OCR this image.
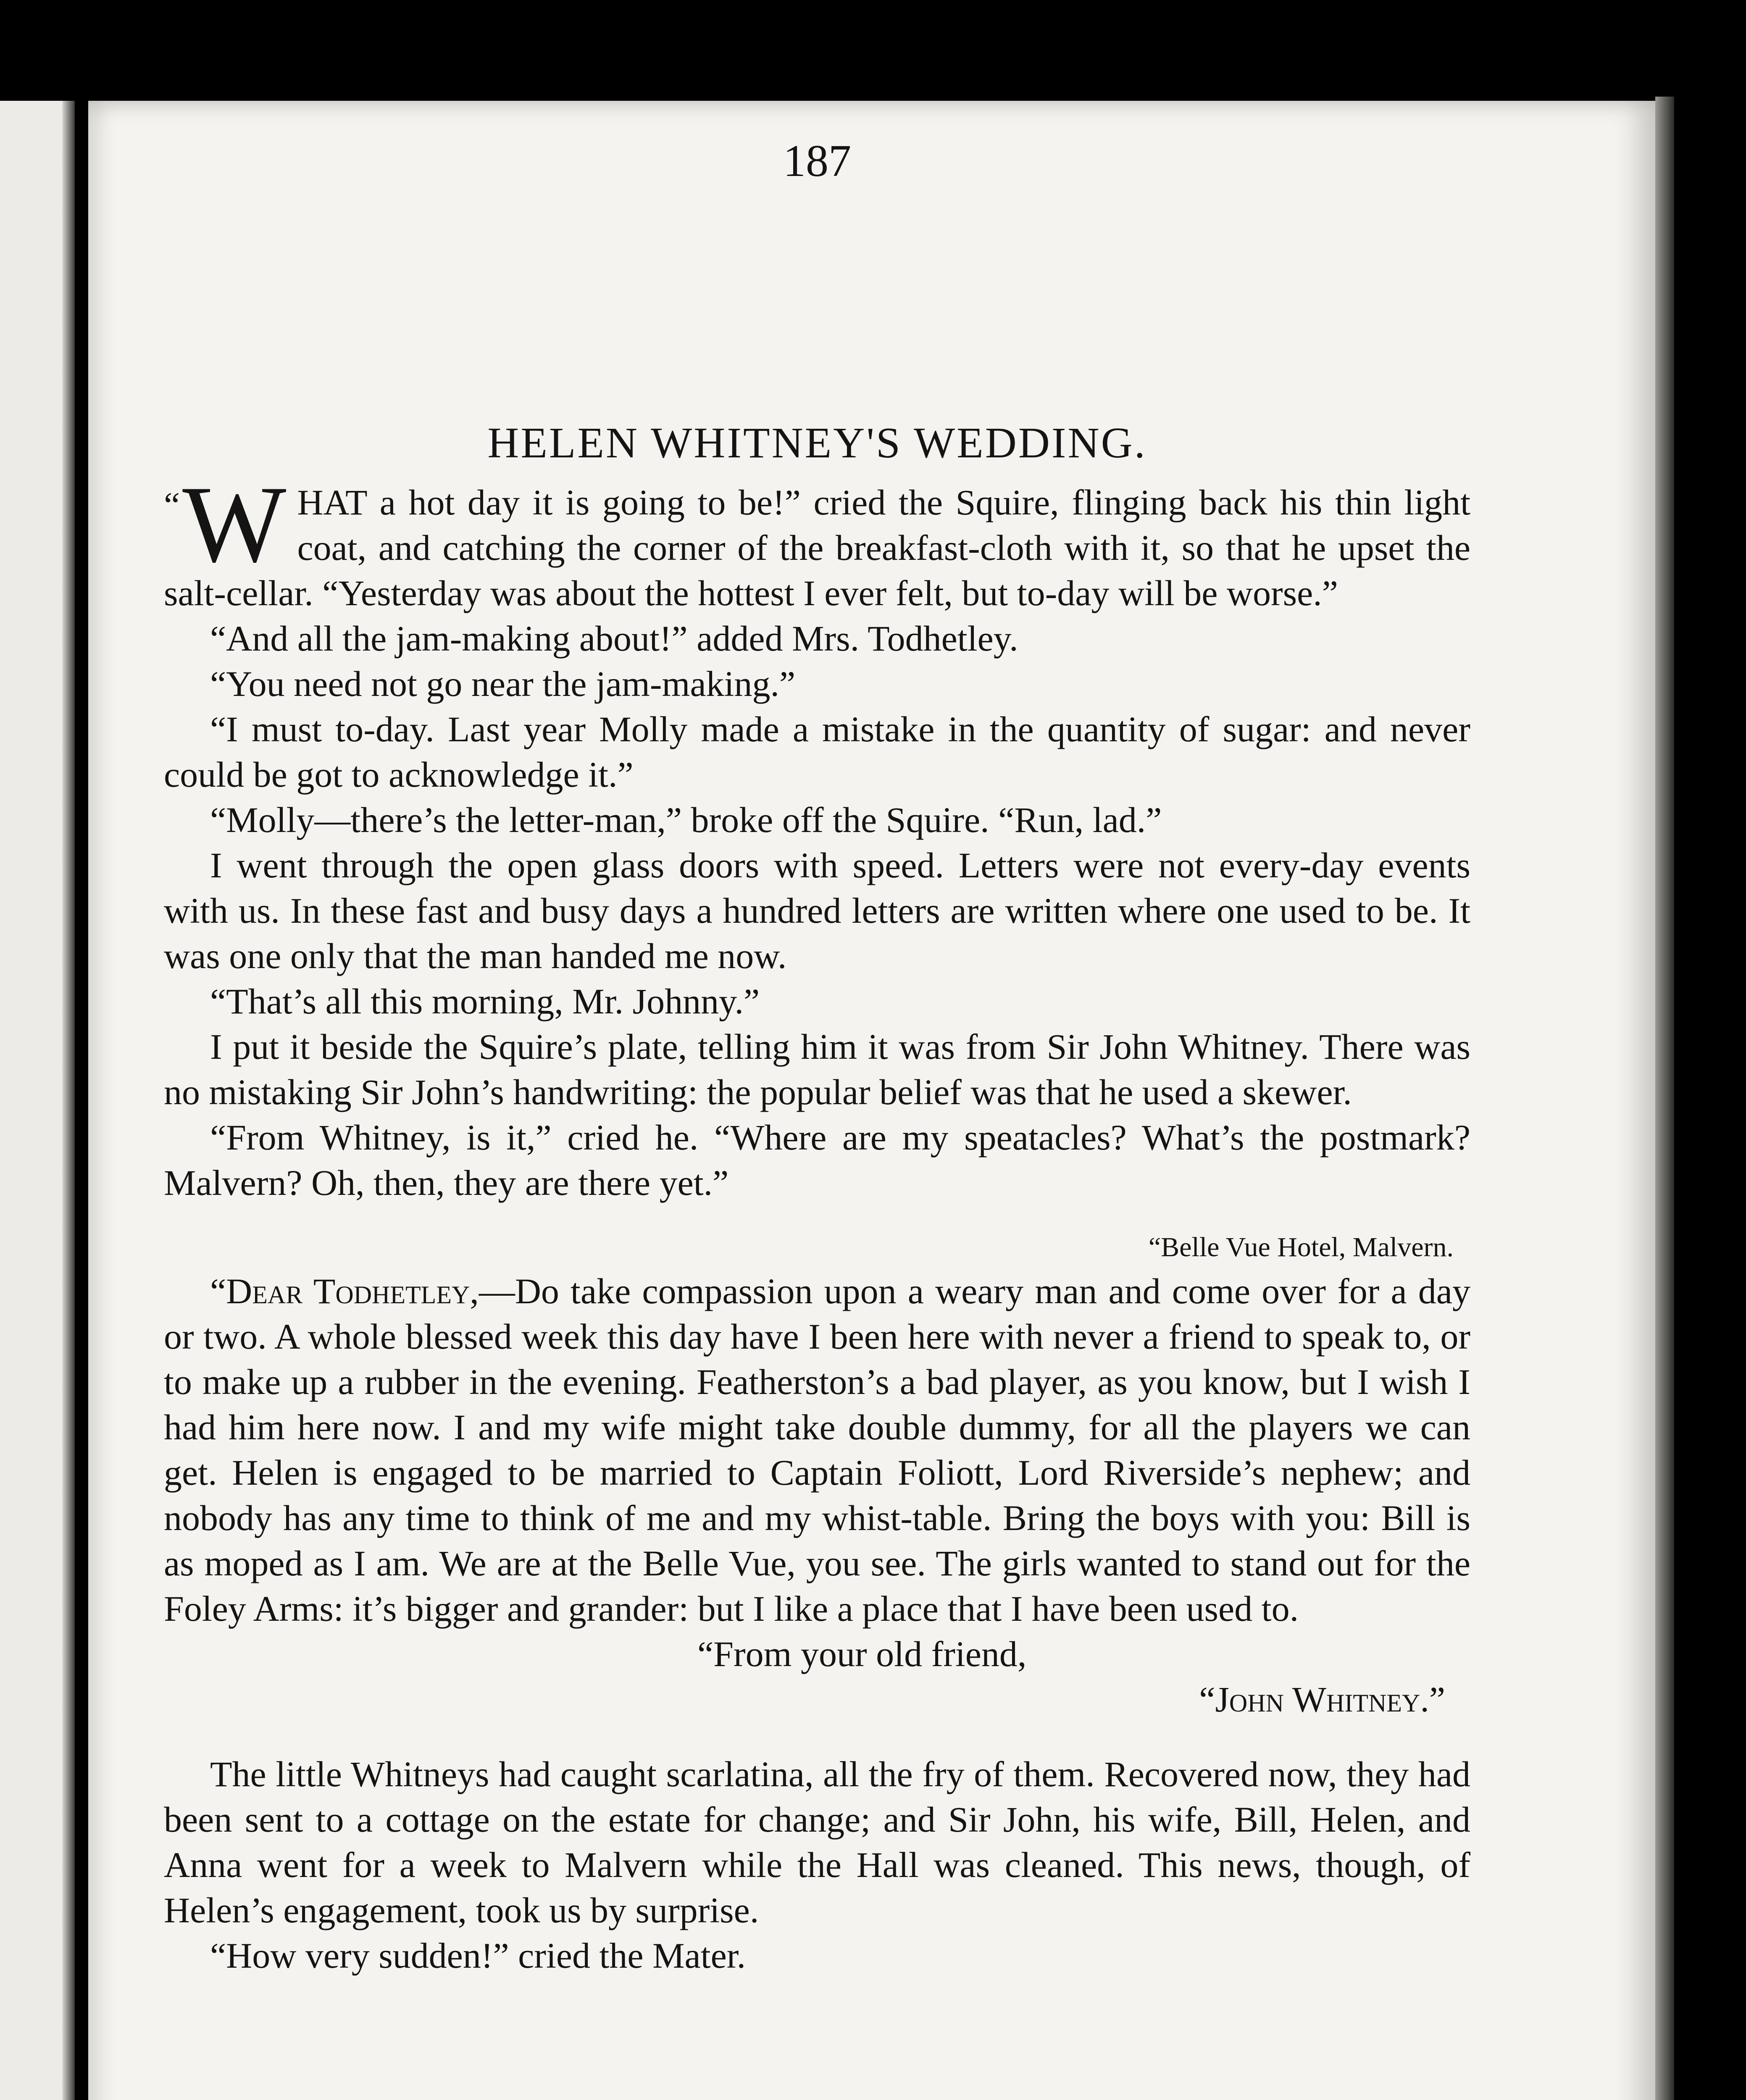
187
HELEN WHITNEY'S WEDDING.

“W HAT a hot day it is going to be!” cried the Squire, flinging back his thin light coat, and catching the corner of the breakfast-cloth with it, so that he upset the salt-cellar. “Yesterday was about the hottest I ever felt, but to-day will be worse.”

“And all the jam-making about!” added Mrs. Todhetley.

“You need not go near the jam-making.”

“I must to-day. Last year Molly made a mistake in the quantity of sugar: and never could be got to acknowledge it.”

“Molly—there’s the letter-man,” broke off the Squire. “Run, lad.”

I went through the open glass doors with speed. Letters were not every-day events with us. In these fast and busy days a hundred letters are written where one used to be. It was one only that the man handed me now.

“That’s all this morning, Mr. Johnny.”

I put it beside the Squire’s plate, telling him it was from Sir John Whitney. There was no mistaking Sir John’s handwriting: the popular belief was that he used a skewer.

“From Whitney, is it,” cried he. “Where are my speatacles? What’s the postmark? Malvern? Oh, then, they are there yet.”

“Belle Vue Hotel, Malvern.

“Dear Todhetley,—Do take compassion upon a weary man and come over for a day or two. A whole blessed week this day have I been here with never a friend to speak to, or to make up a rubber in the evening. Featherston’s a bad player, as you know, but I wish I had him here now. I and my wife might take double dummy, for all the players we can get. Helen is engaged to be married to Captain Foliott, Lord Riverside’s nephew; and nobody has any time to think of me and my whist-table. Bring the boys with you: Bill is as moped as I am. We are at the Belle Vue, you see. The girls wanted to stand out for the Foley Arms: it’s bigger and grander: but I like a place that I have been used to.

“From your old friend,
“John Whitney.”

The little Whitneys had caught scarlatina, all the fry of them. Recovered now, they had been sent to a cottage on the estate for change; and Sir John, his wife, Bill, Helen, and Anna went for a week to Malvern while the Hall was cleaned. This news, though, of Helen’s engagement, took us by surprise.

“How very sudden!” cried the Mater.
